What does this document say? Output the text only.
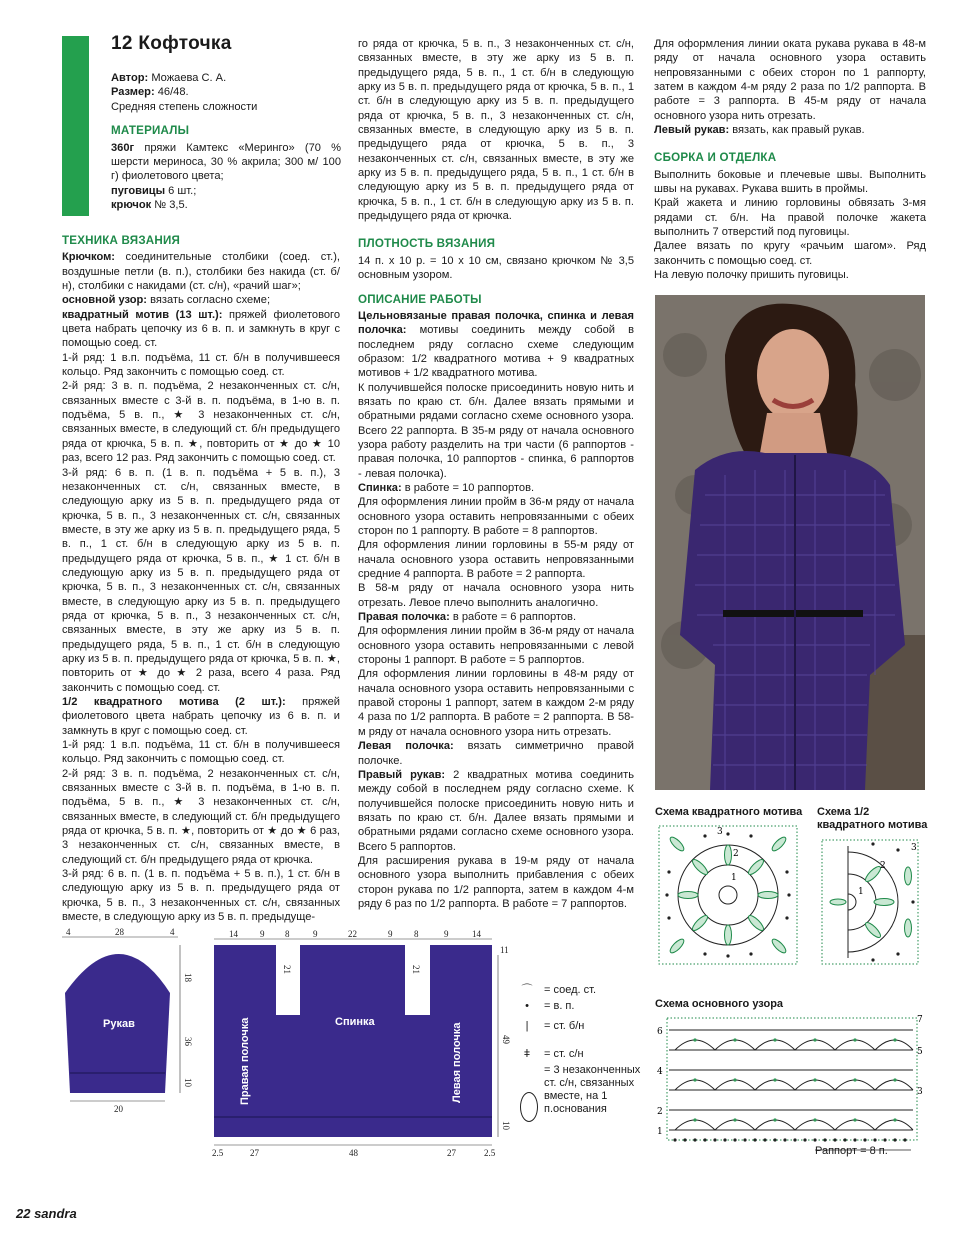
12 Кофточка

Автор: Можаева С. А.

Размер: 46/48.

Средняя степень сложности

МАТЕРИАЛЫ

360г пряжи Камтекс «Меринго» (70 % шерсти мериноса, 30 % акрила; 300 м/ 100 г) фиолетового цвета;

пуговицы 6 шт.;

крючок № 3,5.

ТЕХНИКА ВЯЗАНИЯ

Крючком: соединительные столбики (соед. ст.), воздушные петли (в. п.), столбики без накида (ст. б/н), столбики с накидами (ст. с/н), «рачий шаг»;

основной узор: вязать согласно схеме;

квадратный мотив (13 шт.): пряжей фиолетового цвета набрать цепочку из 6 в. п. и замкнуть в круг с помощью соед. ст.

1-й ряд: 1 в.п. подъёма, 11 ст. б/н в получившееся кольцо. Ряд закончить с помощью соед. ст.

2-й ряд: 3 в. п. подъёма, 2 незаконченных ст. с/н, связанных вместе с 3-й в. п. подъёма, в 1-ю в. п. подъёма, 5 в. п., ★ 3 незаконченных ст. с/н, связанных вместе, в следующий ст. б/н предыдущего ряда от крючка, 5 в. п. ★, повторить от ★ до ★ 10 раз, всего 12 раз. Ряд закончить с помощью соед. ст.

3-й ряд: 6 в. п. (1 в. п. подъёма + 5 в. п.), 3 незаконченных ст. с/н, связанных вместе, в следующую арку из 5 в. п. предыдущего ряда от крючка, 5 в. п., 3 незаконченных ст. с/н, связанных вместе, в эту же арку из 5 в. п. предыдущего ряда, 5 в. п., 1 ст. б/н в следующую арку из 5 в. п. предыдущего ряда от крючка, 5 в. п., ★ 1 ст. б/н в следующую арку из 5 в. п. предыдущего ряда от крючка, 5 в. п., 3 незаконченных ст. с/н, связанных вместе, в следующую арку из 5 в. п. предыдущего ряда от крючка, 5 в. п., 3 незаконченных ст. с/н, связанных вместе, в эту же арку из 5 в. п. предыдущего ряда, 5 в. п., 1 ст. б/н в следующую арку из 5 в. п. предыдущего ряда от крючка, 5 в. п. ★, повторить от ★ до ★ 2 раза, всего 4 раза. Ряд закончить с помощью соед. ст.

1/2 квадратного мотива (2 шт.): пряжей фиолетового цвета набрать цепочку из 6 в. п. и замкнуть в круг с помощью соед. ст.

1-й ряд: 1 в.п. подъёма, 11 ст. б/н в получившееся кольцо. Ряд закончить с помощью соед. ст.

2-й ряд: 3 в. п. подъёма, 2 незаконченных ст. с/н, связанных вместе с 3-й в. п. подъёма, в 1-ю в. п. подъёма, 5 в. п., ★ 3 незаконченных ст. с/н, связанных вместе, в следующий ст. б/н предыдущего ряда от крючка, 5 в. п. ★, повторить от ★ до ★ 6 раз, 3 незаконченных ст. с/н, связанных вместе, в следующий ст. б/н предыдущего ряда от крючка.

3-й ряд: 6 в. п. (1 в. п. подъёма + 5 в. п.), 1 ст. б/н в следующую арку из 5 в. п. предыдущего ряда от крючка, 5 в. п., 3 незаконченных ст. с/н, связанных вместе, в следующую арку из 5 в. п. предыдуще-

го ряда от крючка, 5 в. п., 3 незаконченных ст. с/н, связанных вместе, в эту же арку из 5 в. п. предыдущего ряда, 5 в. п., 1 ст. б/н в следующую арку из 5 в. п. предыдущего ряда от крючка, 5 в. п., 1 ст. б/н в следующую арку из 5 в. п. предыдущего ряда от крючка, 5 в. п., 3 незаконченных ст. с/н, связанных вместе, в следующую арку из 5 в. п. предыдущего ряда от крючка, 5 в. п., 3 незаконченных ст. с/н, связанных вместе, в эту же арку из 5 в. п. предыдущего ряда, 5 в. п., 1 ст. б/н в следующую арку из 5 в. п. предыдущего ряда от крючка, 5 в. п., 1 ст. б/н в следующую арку из 5 в. п. предыдущего ряда от крючка.

ПЛОТНОСТЬ ВЯЗАНИЯ

14 п. х 10 р. = 10 х 10 см, связано крючком № 3,5 основным узором.

ОПИСАНИЕ РАБОТЫ

Цельновязаные правая полочка, спинка и левая полочка: мотивы соединить между собой в последнем ряду согласно схеме следующим образом: 1/2 квадратного мотива + 9 квадратных мотивов + 1/2 квадратного мотива.

К получившейся полоске присоединить новую нить и вязать по краю ст. б/н. Далее вязать прямыми и обратными рядами согласно схеме основного узора. Всего 22 раппорта. В 35-м ряду от начала основного узора работу разделить на три части (6 раппортов - правая полочка, 10 раппортов - спинка, 6 раппортов - левая полочка).

Спинка: в работе = 10 раппортов.

Для оформления линии пройм в 36-м ряду от начала основного узора оставить непровязанными с обеих сторон по 1 раппорту. В работе = 8 раппортов.

Для оформления линии горловины в 55-м ряду от начала основного узора оставить непровязанными средние 4 раппорта. В работе = 2 раппорта.

В 58-м ряду от начала основного узора нить отрезать. Левое плечо выполнить аналогично.

Правая полочка: в работе = 6 раппортов.

Для оформления линии пройм в 36-м ряду от начала основного узора оставить непровязанными с левой стороны 1 раппорт. В работе = 5 раппортов.

Для оформления линии горловины в 48-м ряду от начала основного узора оставить непровязанными с правой стороны 1 раппорт, затем в каждом 2-м ряду 4 раза по 1/2 раппорта. В работе = 2 раппорта. В 58-м ряду от начала основного узора нить отрезать.

Левая полочка: вязать симметрично правой полочке.

Правый рукав: 2 квадратных мотива соединить между собой в последнем ряду согласно схеме. К получившейся полоске присоединить новую нить и вязать по краю ст. б/н. Далее вязать прямыми и обратными рядами согласно схеме основного узора. Всего 5 раппортов.

Для расширения рукава в 19-м ряду от начала основного узора выполнить прибавления с обеих сторон рукава по 1/2 раппорта, затем в каждом 4-м ряду 6 раз по 1/2 раппорта. В работе = 7 раппортов.

Для оформления линии оката рукава рукава в 48-м ряду от начала основного узора оставить непровязанными с обеих сторон по 1 раппорту, затем в каждом 4-м ряду 2 раза по 1/2 раппорта. В работе = 3 раппорта. В 45-м ряду от начала основного узора нить отрезать.

Левый рукав: вязать, как правый рукав.

СБОРКА И ОТДЕЛКА

Выполнить боковые и плечевые швы. Выполнить швы на рукавах. Рукава вшить в проймы.

Край жакета и линию горловины обвязать 3-мя рядами ст. б/н. На правой полочке жакета выполнить 7 отверстий под пуговицы.

Далее вязать по кругу «рачьим шагом». Ряд закончить с помощью соед. ст.

На левую полочку пришить пуговицы.

Схема квадратного мотива
3
2
1
Схема 1/2
квадратного мотива
3
2
1
Схема основного узора
1
2
3
4
5
6
7
Раппорт = 8 п.
⌒ = соед. ст.
•	= в. п.
|	= ст. б/н
ǂ	= ст. с/н
= 3 незаконченных ст. с/н, связанных вместе, на 1 п.основания
4	28	4
18
36
10
20
Рукав
14 9 8	9	22	9 8	9	14
21	21
11
49
10
2.5	27	48	27	2.5
Спинка
Правая полочка	Левая полочка
22 sandra
